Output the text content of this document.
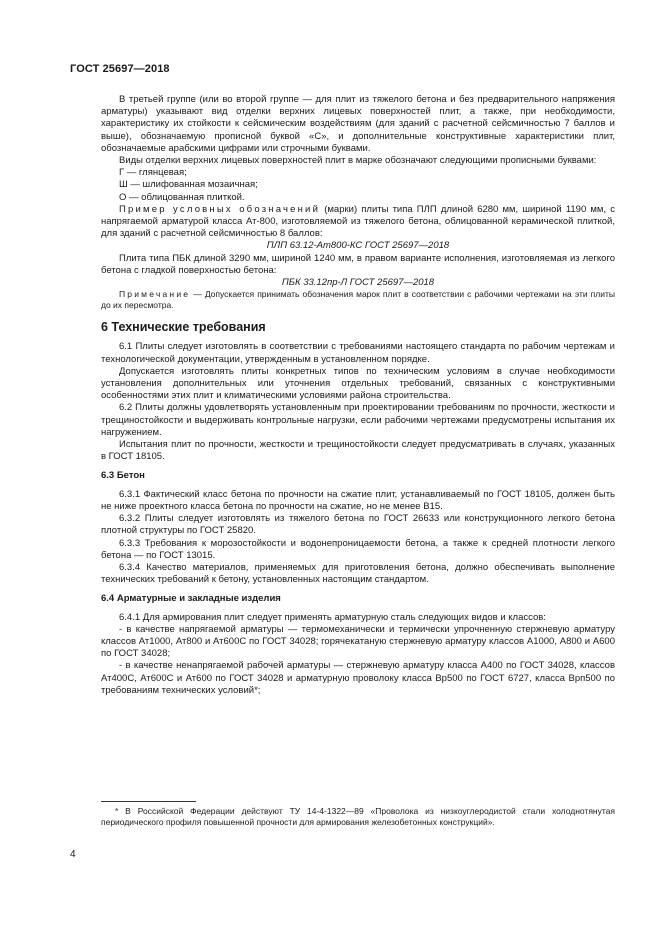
ГОСТ 25697—2018

В третьей группе (или во второй группе — для плит из тяжелого бетона и без предварительного напряжения арматуры) указывают вид отделки верхних лицевых поверхностей плит, а также, при необходимости, характеристику их стойкости к сейсмическим воздействиям (для зданий с расчетной сейсмичностью 7 баллов и выше), обозначаемую прописной буквой «С», и дополнительные конструктивные характеристики плит, обозначаемые арабскими цифрами или строчными буквами.

Виды отделки верхних лицевых поверхностей плит в марке обозначают следующими прописными буквами:

Г — глянцевая;

Ш — шлифованная мозаичная;

О — облицованная плиткой.

Пример условных обозначений (марки) плиты типа ПЛП длиной 6280 мм, шириной 1190 мм, с напрягаемой арматурой класса Ат-800, изготовляемой из тяжелого бетона, облицованной керамической плиткой, для зданий с расчетной сейсмичностью 8 баллов:

ПЛП 63.12-Ат800-КС ГОСТ 25697—2018

Плита типа ПБК длиной 3290 мм, шириной 1240 мм, в правом варианте исполнения, изготовляемая из легкого бетона с гладкой поверхностью бетона:

ПБК 33.12пр-Л ГОСТ 25697—2018

Примечание — Допускается принимать обозначения марок плит в соответствии с рабочими чертежами на эти плиты до их пересмотра.

6 Технические требования

6.1 Плиты следует изготовлять в соответствии с требованиями настоящего стандарта по рабочим чертежам и технологической документации, утвержденным в установленном порядке.

Допускается изготовлять плиты конкретных типов по техническим условиям в случае необходимости установления дополнительных или уточнения отдельных требований, связанных с конструктивными особенностями этих плит и климатическими условиями района строительства.

6.2 Плиты должны удовлетворять установленным при проектировании требованиям по прочности, жесткости и трещиностойкости и выдерживать контрольные нагрузки, если рабочими чертежами предусмотрены испытания их нагружением.

Испытания плит по прочности, жесткости и трещиностойкости следует предусматривать в случаях, указанных в ГОСТ 18105.

6.3 Бетон

6.3.1 Фактический класс бетона по прочности на сжатие плит, устанавливаемый по ГОСТ 18105, должен быть не ниже проектного класса бетона по прочности на сжатие, но не менее В15.

6.3.2 Плиты следует изготовлять из тяжелого бетона по ГОСТ 26633 или конструкционного легкого бетона плотной структуры по ГОСТ 25820.

6.3.3 Требования к морозостойкости и водонепроницаемости бетона, а также к средней плотности легкого бетона — по ГОСТ 13015.

6.3.4 Качество материалов, применяемых для приготовления бетона, должно обеспечивать выполнение технических требований к бетону, установленных настоящим стандартом.

6.4 Арматурные и закладные изделия

6.4.1 Для армирования плит следует применять арматурную сталь следующих видов и классов:

- в качестве напрягаемой арматуры — термомеханически и термически упрочненную стержневую арматуру классов Ат1000, Ат800 и Ат600С по ГОСТ 34028; горячекатаную стержневую арматуру классов А1000, А800 и А600 по ГОСТ 34028;

- в качестве ненапрягаемой рабочей арматуры — стержневую арматуру класса А400 по ГОСТ 34028, классов Ат400С, Ат600С и Ат600 по ГОСТ 34028 и арматурную проволоку класса Вр500 по ГОСТ 6727, класса Врп500 по требованиям технических условий*;

* В Российской Федерации действуют ТУ 14-4-1322—89 «Проволока из низкоуглеродистой стали холоднотянутая периодического профиля повышенной прочности для армирования железобетонных конструкций».
4
